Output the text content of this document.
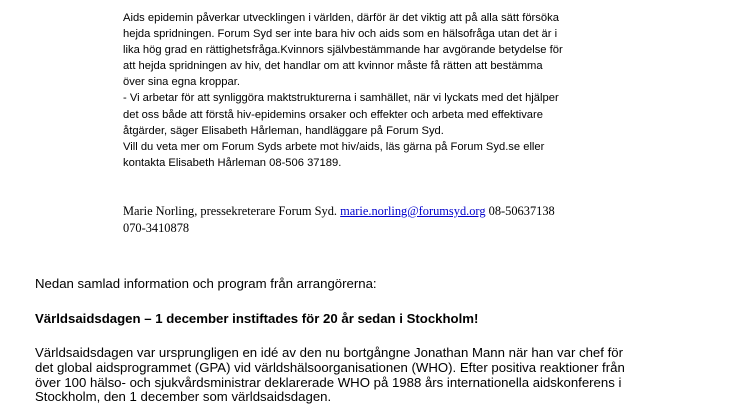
Aids epidemin påverkar utvecklingen i världen, därför är det viktig att på alla sätt försöka

hejda spridningen. Forum Syd ser inte bara hiv och aids som en hälsofråga utan det är i

lika hög grad en rättighetsfråga.Kvinnors självbestämmande har avgörande betydelse för

att hejda spridningen av hiv, det handlar om att kvinnor måste få rätten att bestämma

över sina egna kroppar.

- Vi arbetar för att synliggöra maktstrukturerna i samhället, när vi lyckats med det hjälper

det oss både att förstå hiv-epidemins orsaker och effekter och arbeta med effektivare

åtgärder, säger Elisabeth Hårleman, handläggare på Forum Syd.

Vill du veta mer om Forum Syds arbete mot hiv/aids, läs gärna på Forum Syd.se eller

kontakta Elisabeth Hårleman 08-506 37189.

Marie Norling, pressekreterare Forum Syd. marie.norling@forumsyd.org 08-50637138
070-3410878
Nedan samlad information och program från arrangörerna:
Världsaidsdagen – 1 december instiftades för 20 år sedan i Stockholm!
Världsaidsdagen var ursprungligen en idé av den nu bortgångne Jonathan Mann när han var chef för
det global aidsprogrammet (GPA) vid världshälsoorganisationen (WHO). Efter positiva reaktioner från
över 100 hälso- och sjukvårdsministrar deklarerade WHO på 1988 års internationella aidskonferens i
Stockholm, den 1 december som världsaidsdagen.
